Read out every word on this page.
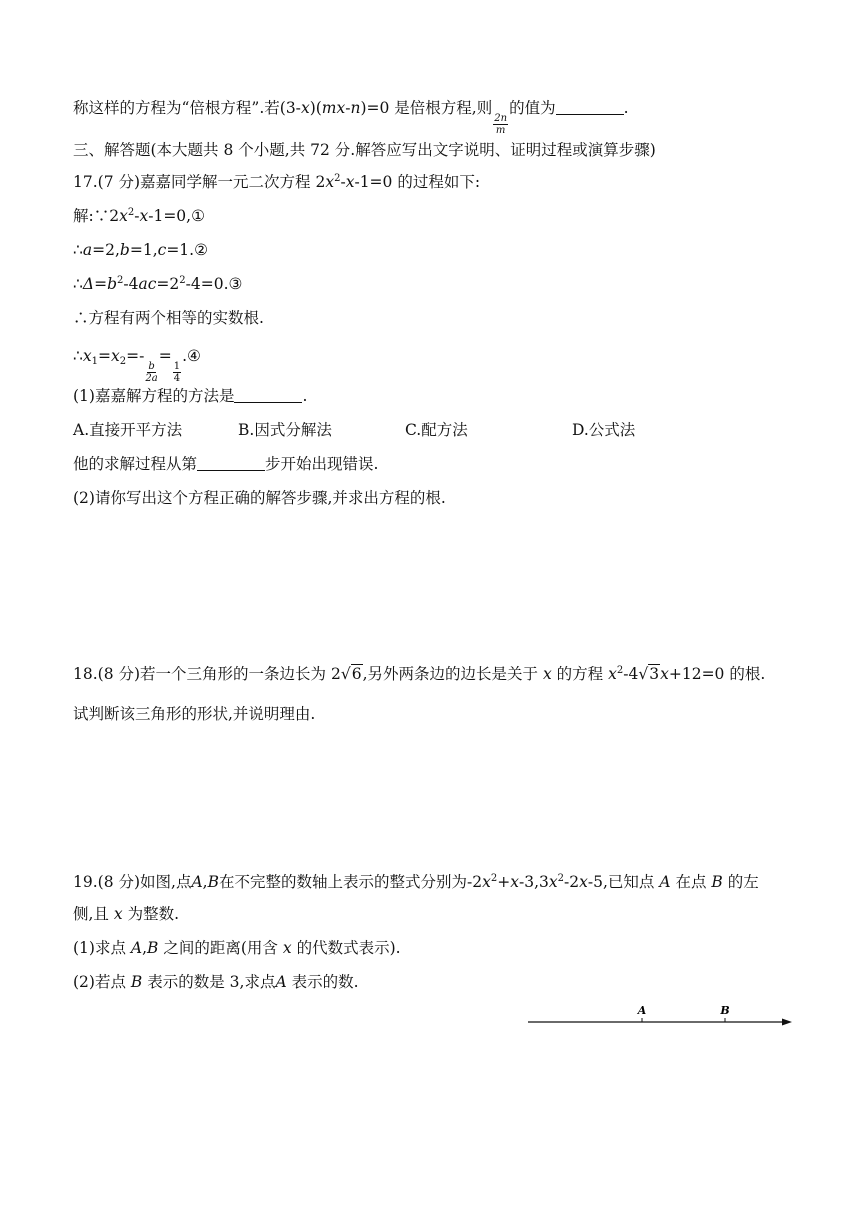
称这样的方程为“倍根方程”.若(3-x)(mx-n)=0 是倍根方程,则
$\frac{2n}{m}$
的值为	.
三、解答题(本大题共 8 个小题,共 72 分.解答应写出文字说明、证明过程或演算步骤)
17.(7 分)嘉嘉同学解一元二次方程 $2x^2-x-1=0$ 的过程如下:
解$:\because 2x^2-x-1=0,①$
∴a=2,b=1,c=1.②
$\therefore\Delta=b^2-4ac=2^2-4=0.③$
∴方程有两个相等的实数根.
$\therefore x_1=x_2=-$
$\frac{b}{2a}$
=
$\frac{1}{4}$
.④
(1)嘉嘉解方程的方法是	.
A.直接开平方法	B.因式分解法	C.配方法	D.公式法
他的求解过程从第	步开始出现错误.
(2)请你写出这个方程正确的解答步骤,并求出方程的根.
18.(8 分)若一个三角形的一条边长为 2√6,另外两条边的边长是关于 x 的方程 $x^2-4√3x+12=0$ 的根.
试判断该三角形的形状,并说明理由.
19.(8 分)如图,点A,B在不完整的数轴上表示的整式分别为$-2x^2+x-3,3x^2-2x-5$,已知点 A 在点 B 的左
侧,且 x 为整数.
(1)求点 A,B 之间的距离(用含 x 的代数式表示).
(2)若点 B 表示的数是 3,求点A 表示的数.
A	B
